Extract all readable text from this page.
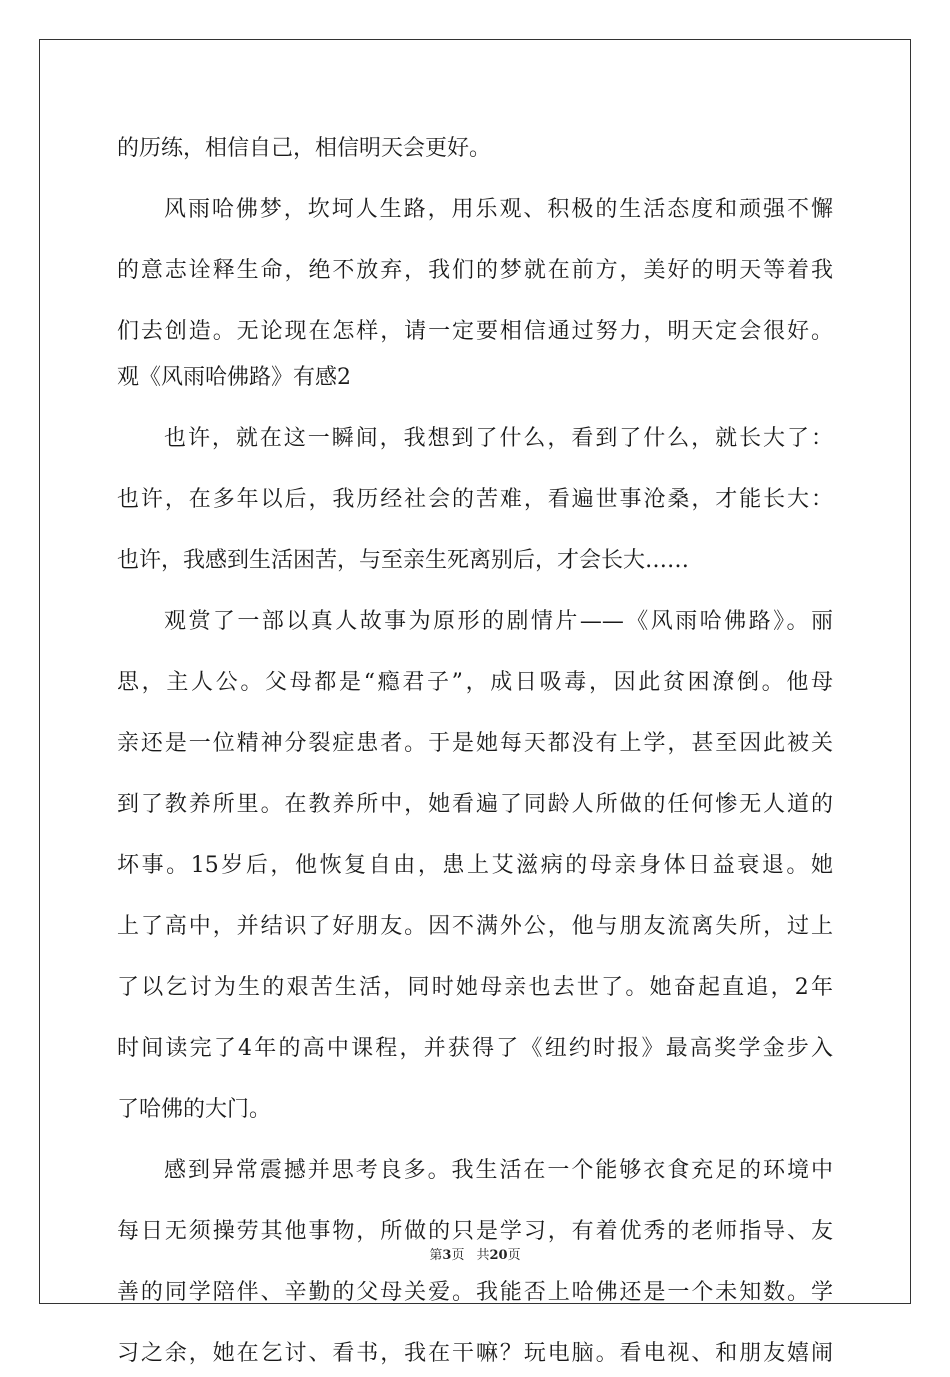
的历练，相信自己，相信明天会更好。
风雨哈佛梦，坎坷人生路，用乐观、积极的生活态度和顽强不懈
的意志诠释生命，绝不放弃，我们的梦就在前方，美好的明天等着我
们去创造。无论现在怎样，请一定要相信通过努力，明天定会很好。
观《风雨哈佛路》有感2
也许，就在这一瞬间，我想到了什么，看到了什么，就长大了：
也许，在多年以后，我历经社会的苦难，看遍世事沧桑，才能长大：
也许，我感到生活困苦，与至亲生死离别后，才会长大……
观赏了一部以真人故事为原形的剧情片——《风雨哈佛路》。丽
思，主人公。父母都是“瘾君子”，成日吸毒，因此贫困潦倒。他母
亲还是一位精神分裂症患者。于是她每天都没有上学，甚至因此被关
到了教养所里。在教养所中，她看遍了同龄人所做的任何惨无人道的
坏事。15岁后，他恢复自由，患上艾滋病的母亲身体日益衰退。她
上了高中，并结识了好朋友。因不满外公，他与朋友流离失所，过上
了以乞讨为生的艰苦生活，同时她母亲也去世了。她奋起直追，2年
时间读完了4年的高中课程，并获得了《纽约时报》最高奖学金步入
了哈佛的大门。
感到异常震撼并思考良多。我生活在一个能够衣食充足的环境中
每日无须操劳其他事物，所做的只是学习，有着优秀的老师指导、友
善的同学陪伴、辛勤的父母关爱。我能否上哈佛还是一个未知数。学
习之余，她在乞讨、看书，我在干嘛？玩电脑。看电视、和朋友嬉闹
第3页 共20页
